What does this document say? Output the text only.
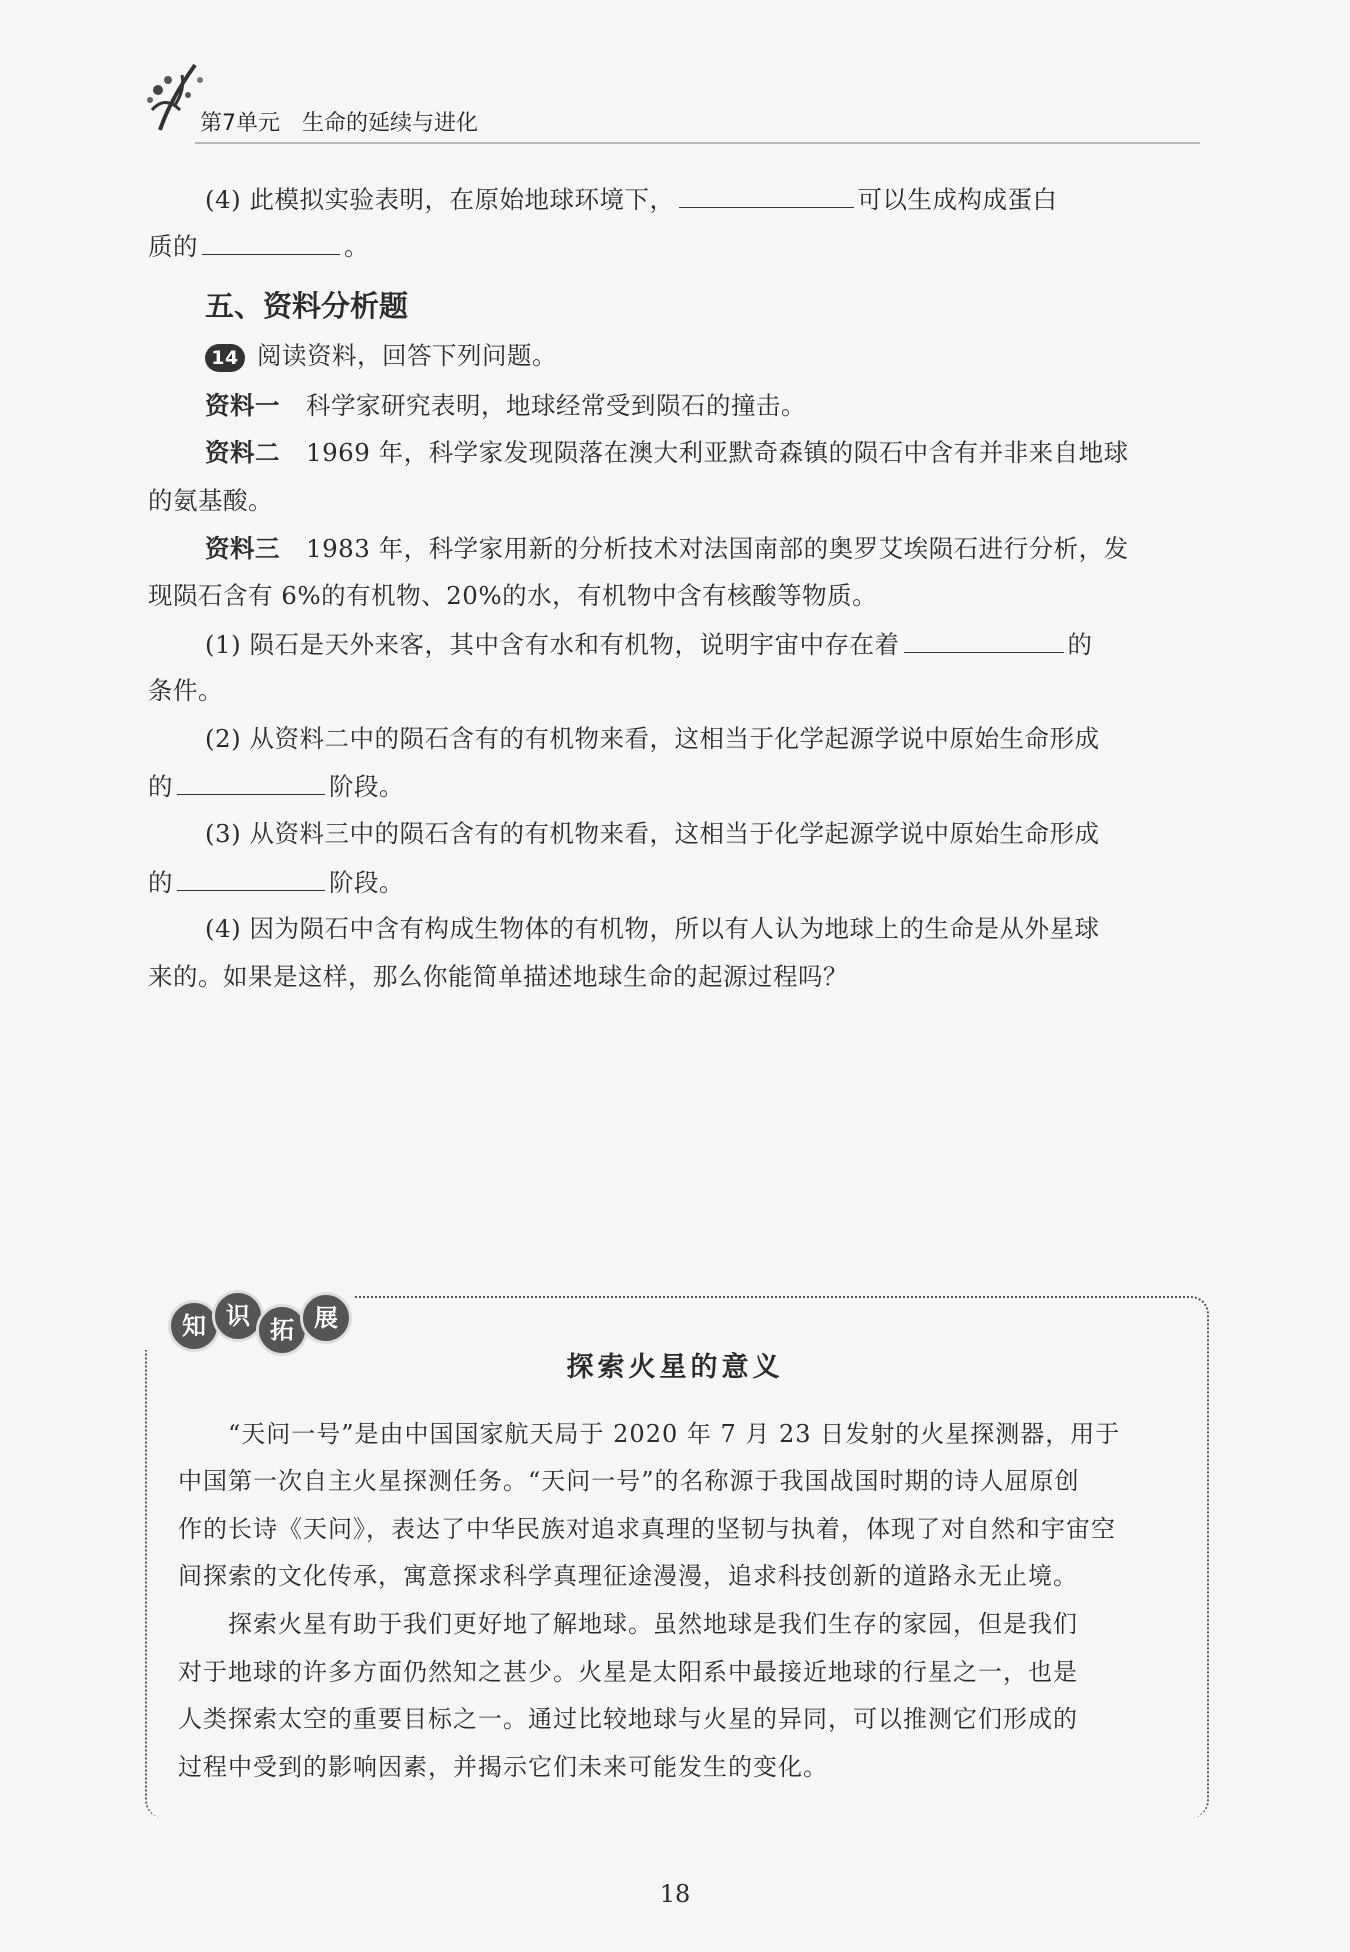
第7单元 生命的延续与进化
(4) 此模拟实验表明，在原始地球环境下，	可以生成构成蛋白
质的	。
五、资料分析题
14 阅读资料，回答下列问题。
资料一 科学家研究表明，地球经常受到陨石的撞击。
资料二 1969 年，科学家发现陨落在澳大利亚默奇森镇的陨石中含有并非来自地球
的氨基酸。
资料三 1983 年，科学家用新的分析技术对法国南部的奥罗艾埃陨石进行分析，发
现陨石含有 6%的有机物、20%的水，有机物中含有核酸等物质。
(1) 陨石是天外来客，其中含有水和有机物，说明宇宙中存在着	的
条件。
(2) 从资料二中的陨石含有的有机物来看，这相当于化学起源学说中原始生命形成
的	阶段。
(3) 从资料三中的陨石含有的有机物来看，这相当于化学起源学说中原始生命形成
的	阶段。
(4) 因为陨石中含有构成生物体的有机物，所以有人认为地球上的生命是从外星球
来的。如果是这样，那么你能简单描述地球生命的起源过程吗？
知 识 拓 展
探索火星的意义
“天问一号”是由中国国家航天局于 2020 年 7 月 23 日发射的火星探测器，用于
中国第一次自主火星探测任务。“天问一号”的名称源于我国战国时期的诗人屈原创
作的长诗《天问》，表达了中华民族对追求真理的坚韧与执着，体现了对自然和宇宙空
间探索的文化传承，寓意探求科学真理征途漫漫，追求科技创新的道路永无止境。
探索火星有助于我们更好地了解地球。虽然地球是我们生存的家园，但是我们
对于地球的许多方面仍然知之甚少。火星是太阳系中最接近地球的行星之一，也是
人类探索太空的重要目标之一。通过比较地球与火星的异同，可以推测它们形成的
过程中受到的影响因素，并揭示它们未来可能发生的变化。
18
